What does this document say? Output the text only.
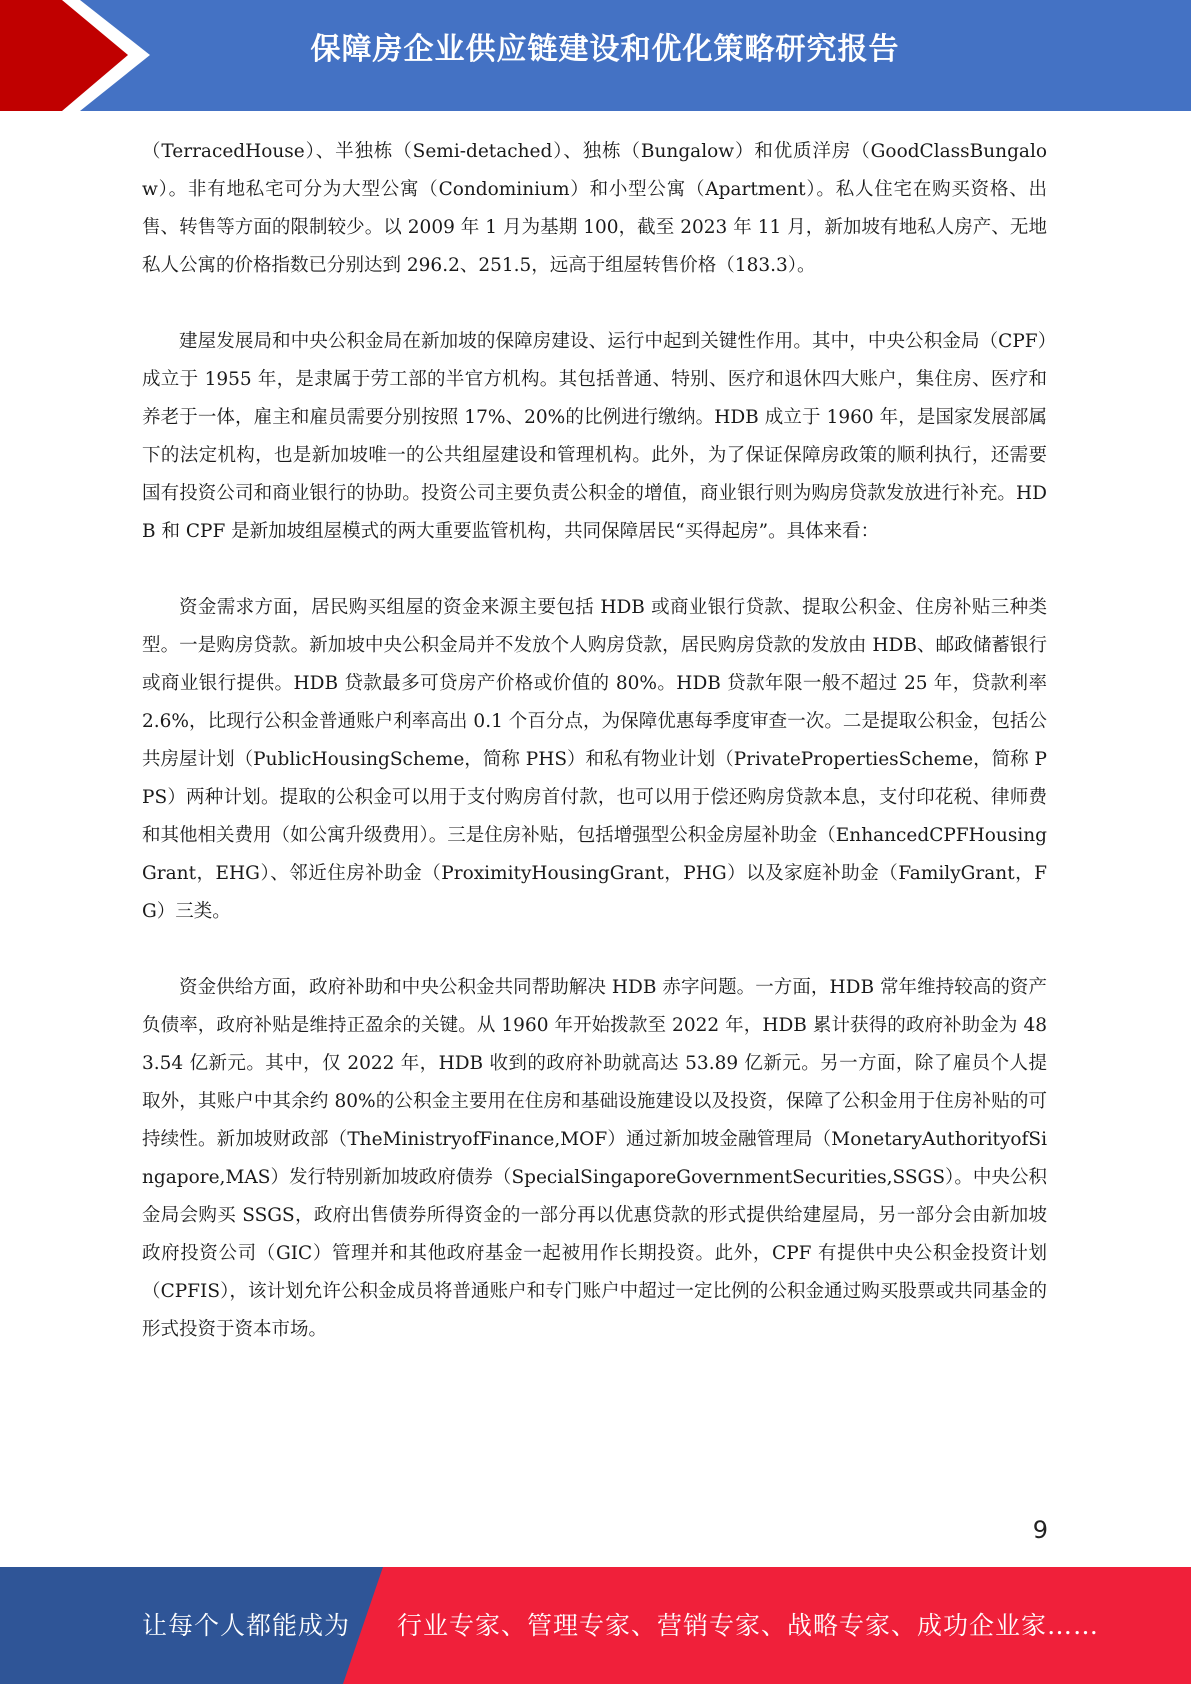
保障房企业供应链建设和优化策略研究报告

（TerracedHouse）、半独栋（Semi-detached）、独栋（Bungalow）和优质洋房（GoodClassBungalow）。非有地私宅可分为大型公寓（Condominium）和小型公寓（Apartment）。私人住宅在购买资格、出售、转售等方面的限制较少。以 2009 年 1 月为基期 100，截至 2023 年 11 月，新加坡有地私人房产、无地私人公寓的价格指数已分别达到 296.2、251.5，远高于组屋转售价格（183.3）。

建屋发展局和中央公积金局在新加坡的保障房建设、运行中起到关键性作用。其中，中央公积金局（CPF）成立于 1955 年，是隶属于劳工部的半官方机构。其包括普通、特别、医疗和退休四大账户，集住房、医疗和养老于一体，雇主和雇员需要分别按照 17%、20%的比例进行缴纳。HDB 成立于 1960 年，是国家发展部属下的法定机构，也是新加坡唯一的公共组屋建设和管理机构。此外，为了保证保障房政策的顺利执行，还需要国有投资公司和商业银行的协助。投资公司主要负责公积金的增值，商业银行则为购房贷款发放进行补充。HDB 和 CPF 是新加坡组屋模式的两大重要监管机构，共同保障居民“买得起房”。具体来看：

资金需求方面，居民购买组屋的资金来源主要包括 HDB 或商业银行贷款、提取公积金、住房补贴三种类型。一是购房贷款。新加坡中央公积金局并不发放个人购房贷款，居民购房贷款的发放由 HDB、邮政储蓄银行或商业银行提供。HDB 贷款最多可贷房产价格或价值的 80%。HDB 贷款年限一般不超过 25 年，贷款利率 2.6%，比现行公积金普通账户利率高出 0.1 个百分点，为保障优惠每季度审查一次。二是提取公积金，包括公共房屋计划（PublicHousingScheme，简称 PHS）和私有物业计划（PrivatePropertiesScheme，简称 PPS）两种计划。提取的公积金可以用于支付购房首付款，也可以用于偿还购房贷款本息，支付印花税、律师费和其他相关费用（如公寓升级费用）。三是住房补贴，包括增强型公积金房屋补助金（EnhancedCPFHousingGrant，EHG）、邻近住房补助金（ProximityHousingGrant，PHG）以及家庭补助金（FamilyGrant，FG）三类。

资金供给方面，政府补助和中央公积金共同帮助解决 HDB 赤字问题。一方面，HDB 常年维持较高的资产负债率，政府补贴是维持正盈余的关键。从 1960 年开始拨款至 2022 年，HDB 累计获得的政府补助金为 483.54 亿新元。其中，仅 2022 年，HDB 收到的政府补助就高达 53.89 亿新元。另一方面，除了雇员个人提取外，其账户中其余约 80%的公积金主要用在住房和基础设施建设以及投资，保障了公积金用于住房补贴的可持续性。新加坡财政部（TheMinistryofFinance,MOF）通过新加坡金融管理局（MonetaryAuthorityofSingapore,MAS）发行特别新加坡政府债券（SpecialSingaporeGovernmentSecurities,SSGS）。中央公积金局会购买 SSGS，政府出售债券所得资金的一部分再以优惠贷款的形式提供给建屋局，另一部分会由新加坡政府投资公司（GIC）管理并和其他政府基金一起被用作长期投资。此外，CPF 有提供中央公积金投资计划（CPFIS），该计划允许公积金成员将普通账户和专门账户中超过一定比例的公积金通过购买股票或共同基金的形式投资于资本市场。

9
让每个人都能成为 行业专家、管理专家、营销专家、战略专家、成功企业家……
